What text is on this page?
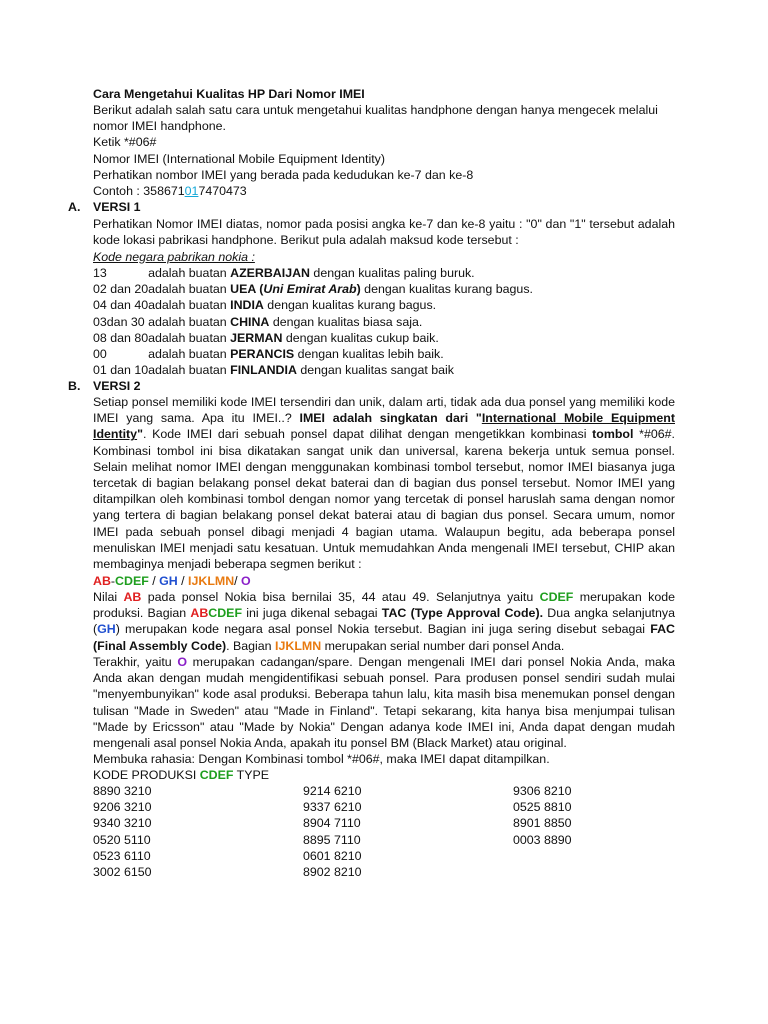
Cara Mengetahui Kualitas HP Dari Nomor IMEI
Berikut adalah salah satu cara untuk mengetahui kualitas handphone dengan hanya mengecek melalui
nomor IMEI handphone.
Ketik *#06#
Nomor IMEI (International Mobile Equipment Identity)
Perhatikan nombor IMEI yang berada pada kedudukan ke-7 dan ke-8
Contoh : 358671017470473
A. VERSI 1
Perhatikan Nomor IMEI diatas, nomor pada posisi angka ke-7 dan ke-8 yaitu : "0" dan "1" tersebut adalah kode lokasi pabrikasi handphone. Berikut pula adalah maksud kode tersebut :
Kode negara pabrikan nokia :
13	adalah buatan AZERBAIJAN dengan kualitas paling buruk.
02 dan 20	adalah buatan UEA (Uni Emirat Arab) dengan kualitas kurang bagus.
04 dan 40	adalah buatan INDIA dengan kualitas kurang bagus.
03dan 30	adalah buatan CHINA dengan kualitas biasa saja.
08 dan 80	adalah buatan JERMAN dengan kualitas cukup baik.
00	adalah buatan PERANCIS dengan kualitas lebih baik.
01 dan 10	adalah buatan FINLANDIA dengan kualitas sangat baik
B. VERSI 2
Setiap ponsel memiliki kode IMEI tersendiri dan unik, dalam arti, tidak ada dua ponsel yang memiliki kode IMEI yang sama. Apa itu IMEI..? IMEI adalah singkatan dari "International Mobile Equipment Identity". Kode IMEI dari sebuah ponsel dapat dilihat dengan mengetikkan kombinasi tombol *#06#. Kombinasi tombol ini bisa dikatakan sangat unik dan universal, karena bekerja untuk semua ponsel. Selain melihat nomor IMEI dengan menggunakan kombinasi tombol tersebut, nomor IMEI biasanya juga tercetak di bagian belakang ponsel dekat baterai dan di bagian dus ponsel tersebut. Nomor IMEI yang ditampilkan oleh kombinasi tombol dengan nomor yang tercetak di ponsel haruslah sama dengan nomor yang tertera di bagian belakang ponsel dekat baterai atau di bagian dus ponsel. Secara umum, nomor IMEI pada sebuah ponsel dibagi menjadi 4 bagian utama. Walaupun begitu, ada beberapa ponsel menuliskan IMEI menjadi satu kesatuan. Untuk memudahkan Anda mengenali IMEI tersebut, CHIP akan membaginya menjadi beberapa segmen berikut :
AB-CDEF / GH / IJKLMN/ O
Nilai AB pada ponsel Nokia bisa bernilai 35, 44 atau 49. Selanjutnya yaitu CDEF merupakan kode produksi. Bagian ABCDEF ini juga dikenal sebagai TAC (Type Approval Code). Dua angka selanjutnya (GH) merupakan kode negara asal ponsel Nokia tersebut. Bagian ini juga sering disebut sebagai FAC (Final Assembly Code). Bagian IJKLMN merupakan serial number dari ponsel Anda.
Terakhir, yaitu O merupakan cadangan/spare. Dengan mengenali IMEI dari ponsel Nokia Anda, maka Anda akan dengan mudah mengidentifikasi sebuah ponsel. Para produsen ponsel sendiri sudah mulai "menyembunyikan" kode asal produksi. Beberapa tahun lalu, kita masih bisa menemukan ponsel dengan tulisan "Made in Sweden" atau "Made in Finland". Tetapi sekarang, kita hanya bisa menjumpai tulisan "Made by Ericsson" atau "Made by Nokia" Dengan adanya kode IMEI ini, Anda dapat dengan mudah mengenali asal ponsel Nokia Anda, apakah itu ponsel BM (Black Market) atau original.
Membuka rahasia: Dengan Kombinasi tombol *#06#, maka IMEI dapat ditampilkan.
KODE PRODUKSI CDEF TYPE
8890 3210	9214 6210	9306 8210
9206 3210	9337 6210	0525 8810
9340 3210	8904 7110	8901 8850
0520 5110	8895 7110	0003 8890
0523 6110	0601 8210	
3002 6150	8902 8210	
